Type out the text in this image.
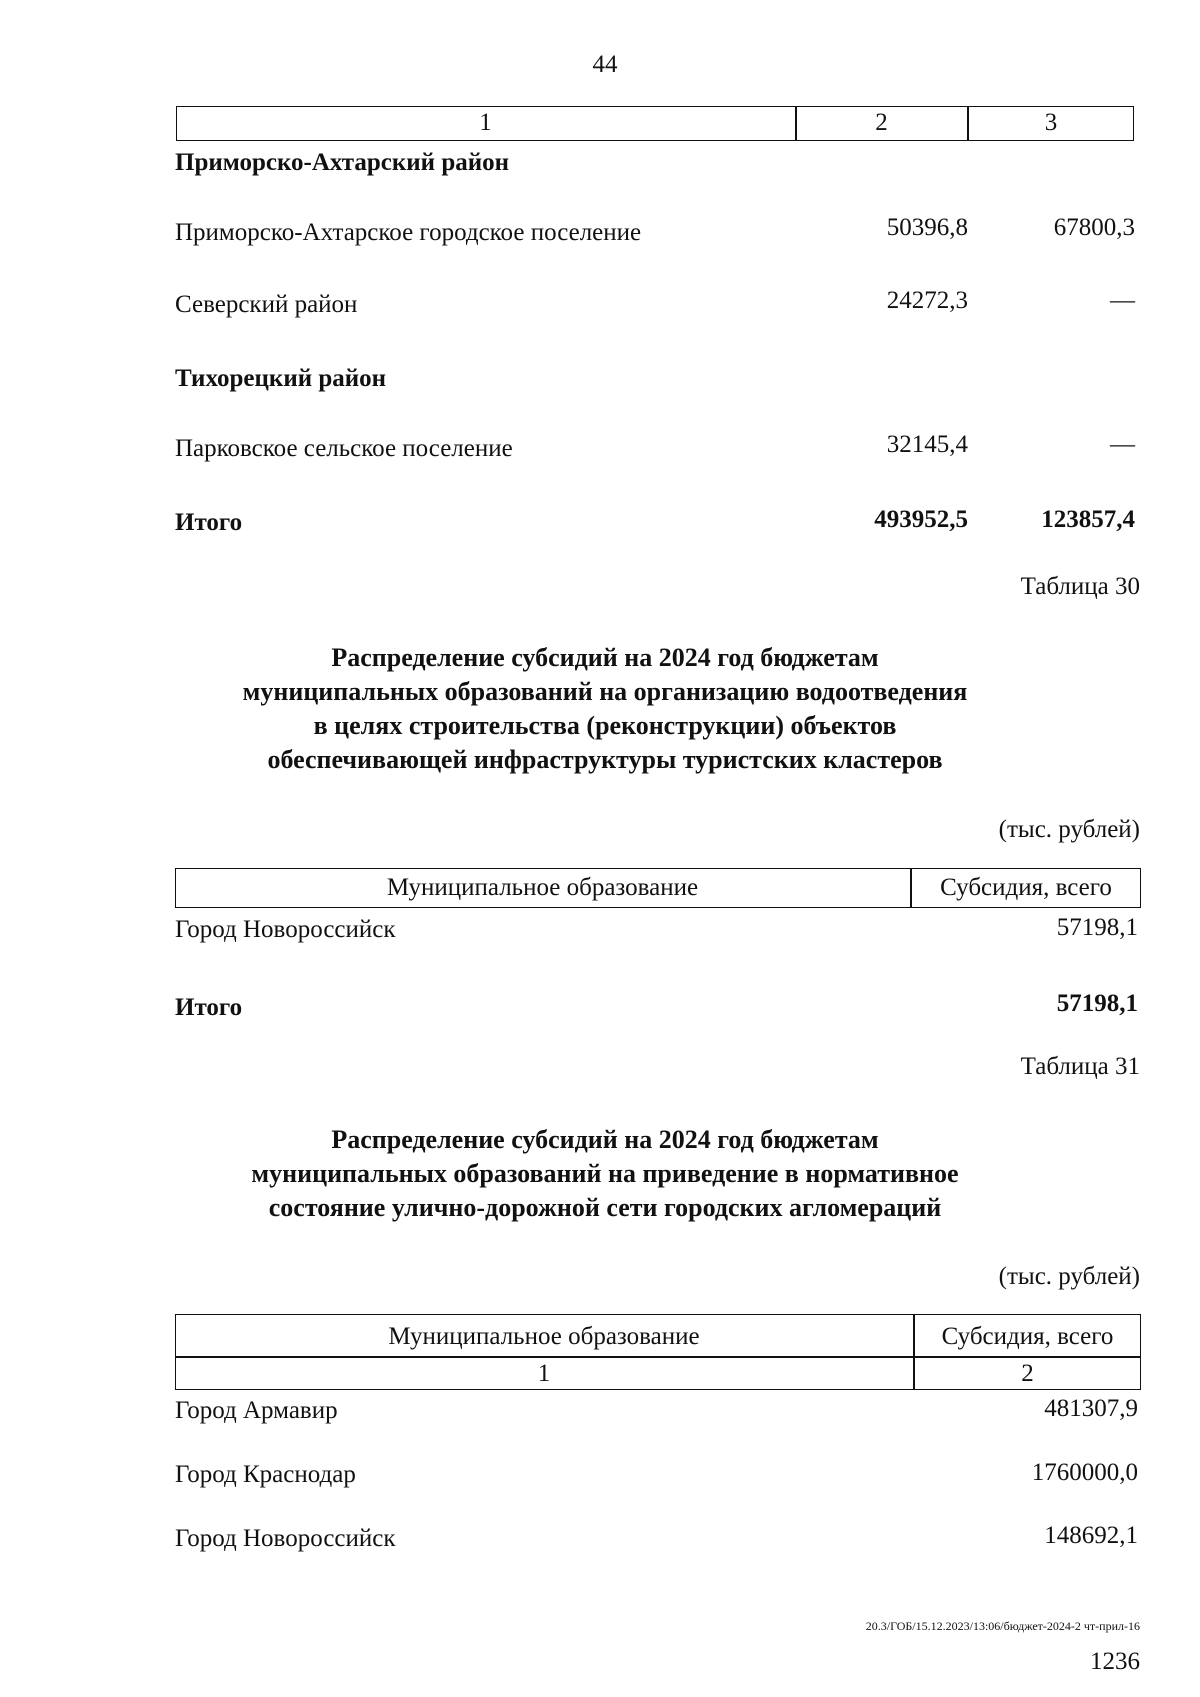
44
1	2	3
Приморско-Ахтарский район
Приморско-Ахтарское городское поселение	50396,8	67800,3
Северский район	24272,3	—
Тихорецкий район
Парковское сельское поселение	32145,4	—
Итого	493952,5	123857,4
Таблица 30
Распределение субсидий на 2024 год бюджетам
муниципальных образований на организацию водоотведения
в целях строительства (реконструкции) объектов
обеспечивающей инфраструктуры туристских кластеров
(тыс. рублей)
Муниципальное образование	Субсидия, всего
Город Новороссийск	57198,1
Итого	57198,1
Таблица 31
Распределение субсидий на 2024 год бюджетам
муниципальных образований на приведение в нормативное
состояние улично-дорожной сети городских агломераций
(тыс. рублей)
Муниципальное образование	Субсидия, всего
1	2
Город Армавир	481307,9
Город Краснодар	1760000,0
Город Новороссийск	148692,1
20.3/ГОБ/15.12.2023/13:06/бюджет-2024-2 чт-прил-16
1236
